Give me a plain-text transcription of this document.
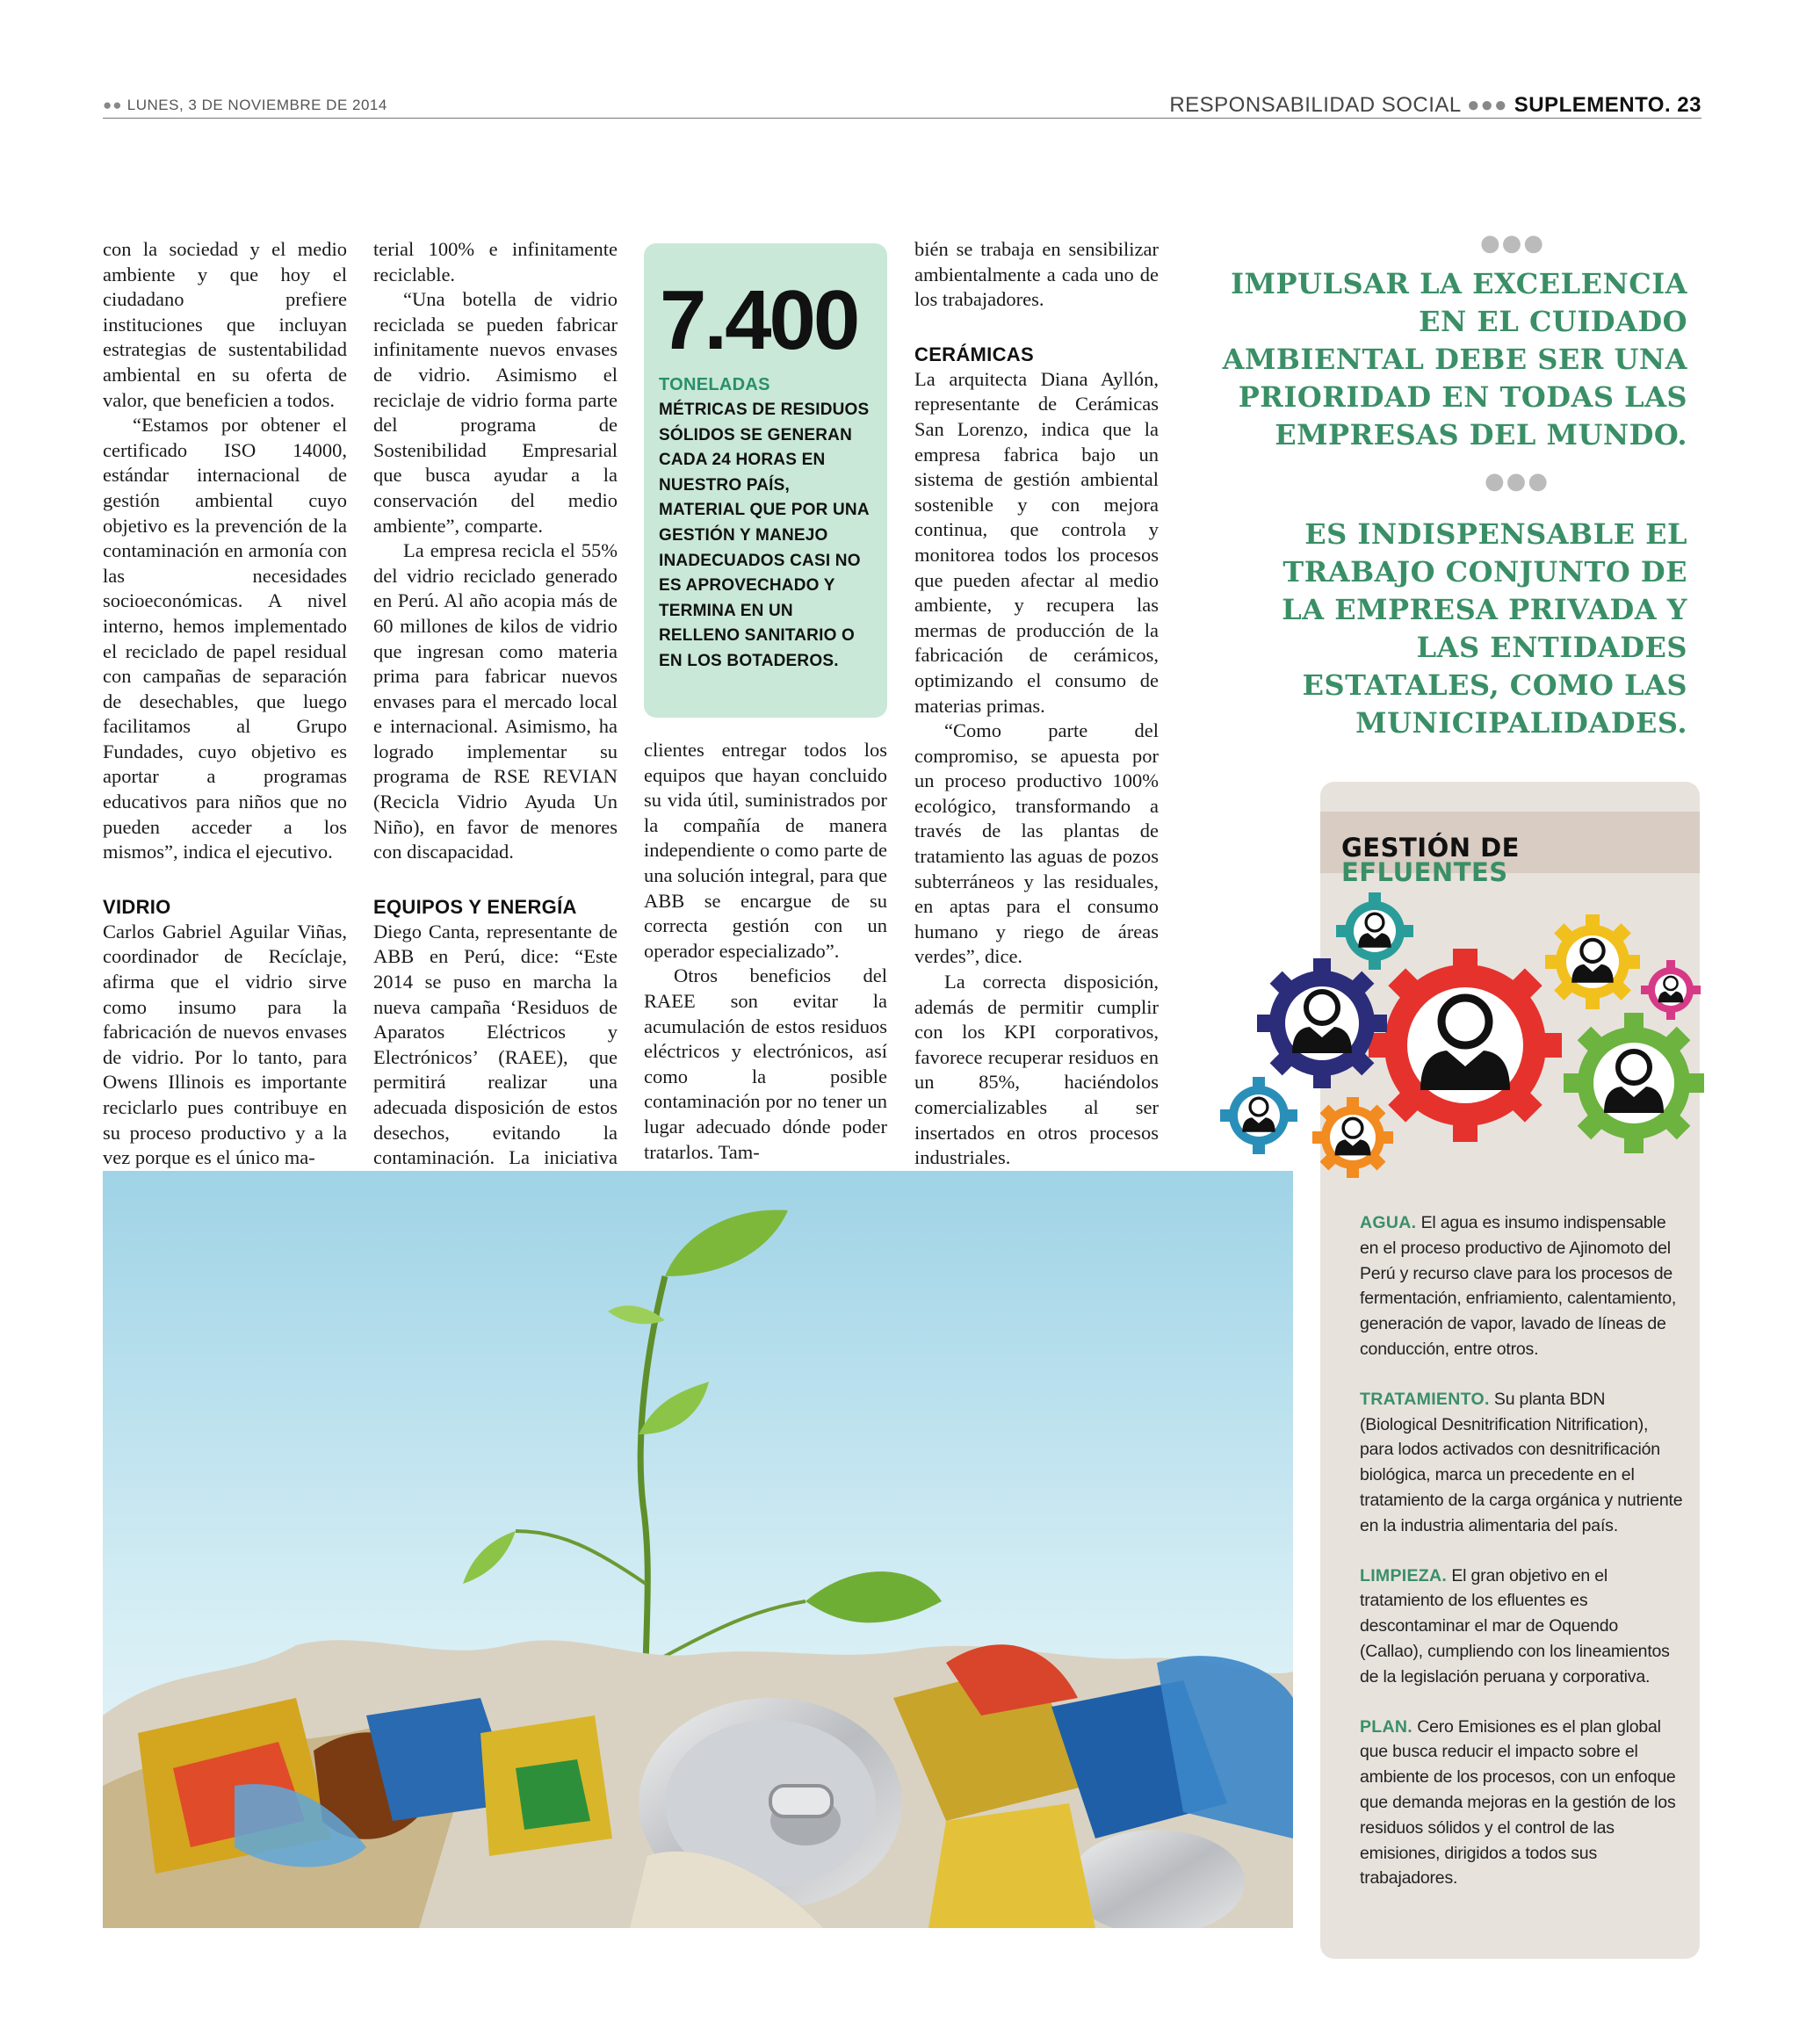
●● LUNES, 3 DE NOVIEMBRE DE 2014	RESPONSABILIDAD SOCIAL ●●● SUPLEMENTO. 23

con la sociedad y el medio ambiente y que hoy el ciudadano prefiere instituciones que incluyan estrategias de sustentabilidad ambiental en su oferta de valor, que beneficien a todos.

“Estamos por obtener el certificado ISO 14000, estándar internacional de gestión ambiental cuyo objetivo es la prevención de la contaminación en armonía con las necesidades socioeconómicas. A nivel interno, hemos implementado el reciclado de papel residual con campañas de separación de desechables, que luego facilitamos al Grupo Fundades, cuyo objetivo es aportar a programas educativos para niños que no pueden acceder a los mismos”, indica el ejecutivo.

VIDRIO

Carlos Gabriel Aguilar Viñas, coordinador de Recíclaje, afirma que el vidrio sirve como insumo para la fabricación de nuevos envases de vidrio. Por lo tanto, para Owens Illinois es importante reciclarlo pues contribuye en su proceso productivo y a la vez porque es el único ma-

terial 100% e infinitamente reciclable.

“Una botella de vidrio reciclada se pueden fabricar infinitamente nuevos envases de vidrio. Asimismo el reciclaje de vidrio forma parte del programa de Sostenibilidad Empresarial que busca ayudar a la conservación del medio ambiente”, comparte.

La empresa recicla el 55% del vidrio reciclado generado en Perú. Al año acopia más de 60 millones de kilos de vidrio que ingresan como materia prima para fabricar nuevos envases para el mercado local e internacional. Asimismo, ha logrado implementar su programa de RSE REVIAN (Recicla Vidrio Ayuda Un Niño), en favor de menores con discapacidad.

EQUIPOS Y ENERGÍA

Diego Canta, representante de ABB en Perú, dice: “Este 2014 se puso en marcha la nueva campaña ‘Residuos de Aparatos Eléctricos y Electrónicos’ (RAEE), que permitirá realizar una adecuada disposición de estos desechos, evitando la contaminación. La iniciativa

7.400
TONELADAS
MÉTRICAS DE RESIDUOS SÓLIDOS SE GENERAN CADA 24 HORAS EN NUESTRO PAÍS, MATERIAL QUE POR UNA GESTIÓN Y MANEJO INADECUADOS CASI NO ES APROVECHADO Y TERMINA EN UN RELLENO SANITARIO O EN LOS BOTADEROS.

clientes entregar todos los equipos que hayan concluido su vida útil, suministrados por la compañía de manera independiente o como parte de una solución integral, para que ABB se encargue de su correcta gestión con un operador especializado”.

Otros beneficios del RAEE son evitar la acumulación de estos residuos eléctricos y electrónicos, así como la posible contaminación por no tener un lugar adecuado dónde poder tratarlos. Tam-

bién se trabaja en sensibilizar ambientalmente a cada uno de los trabajadores.

CERÁMICAS

La arquitecta Diana Ayllón, representante de Cerámicas San Lorenzo, indica que la empresa fabrica bajo un sistema de gestión ambiental sostenible y con mejora continua, que controla y monitorea todos los procesos que pueden afectar al medio ambiente, y recupera las mermas de producción de la fabricación de cerámicos, optimizando el consumo de materias primas.

“Como parte del compromiso, se apuesta por un proceso productivo 100% ecológico, transformando a través de las plantas de tratamiento las aguas de pozos subterráneos y las residuales, en aptas para el consumo humano y riego de áreas verdes”, dice.

La correcta disposición, además de permitir cumplir con los KPI corporativos, favorece recuperar residuos en un 85%, haciéndolos comercializables al ser insertados en otros procesos industriales.

●●●
IMPULSAR LA EXCELENCIA EN EL CUIDADO AMBIENTAL DEBE SER UNA PRIORIDAD EN TODAS LAS EMPRESAS DEL MUNDO.
●●●
ES INDISPENSABLE EL TRABAJO CONJUNTO DE LA EMPRESA PRIVADA Y LAS ENTIDADES ESTATALES, COMO LAS MUNICIPALIDADES.
GESTIÓN DE
EFLUENTES

AGUA. El agua es insumo indispensable en el proceso productivo de Ajinomoto del Perú y recurso clave para los procesos de fermentación, enfriamiento, calentamiento, generación de vapor, lavado de líneas de conducción, entre otros.

TRATAMIENTO. Su planta BDN (Biological Desnitrification Nitrification), para lodos activados con desnitrificación biológica, marca un precedente en el tratamiento de la carga orgánica y nutriente en la industria alimentaria del país.

LIMPIEZA. El gran objetivo en el tratamiento de los efluentes es descontaminar el mar de Oquendo (Callao), cumpliendo con los lineamientos de la legislación peruana y corporativa.

PLAN. Cero Emisiones es el plan global que busca reducir el impacto sobre el ambiente de los procesos, con un enfoque que demanda mejoras en la gestión de los residuos sólidos y el control de las emisiones, dirigidos a todos sus trabajadores.
